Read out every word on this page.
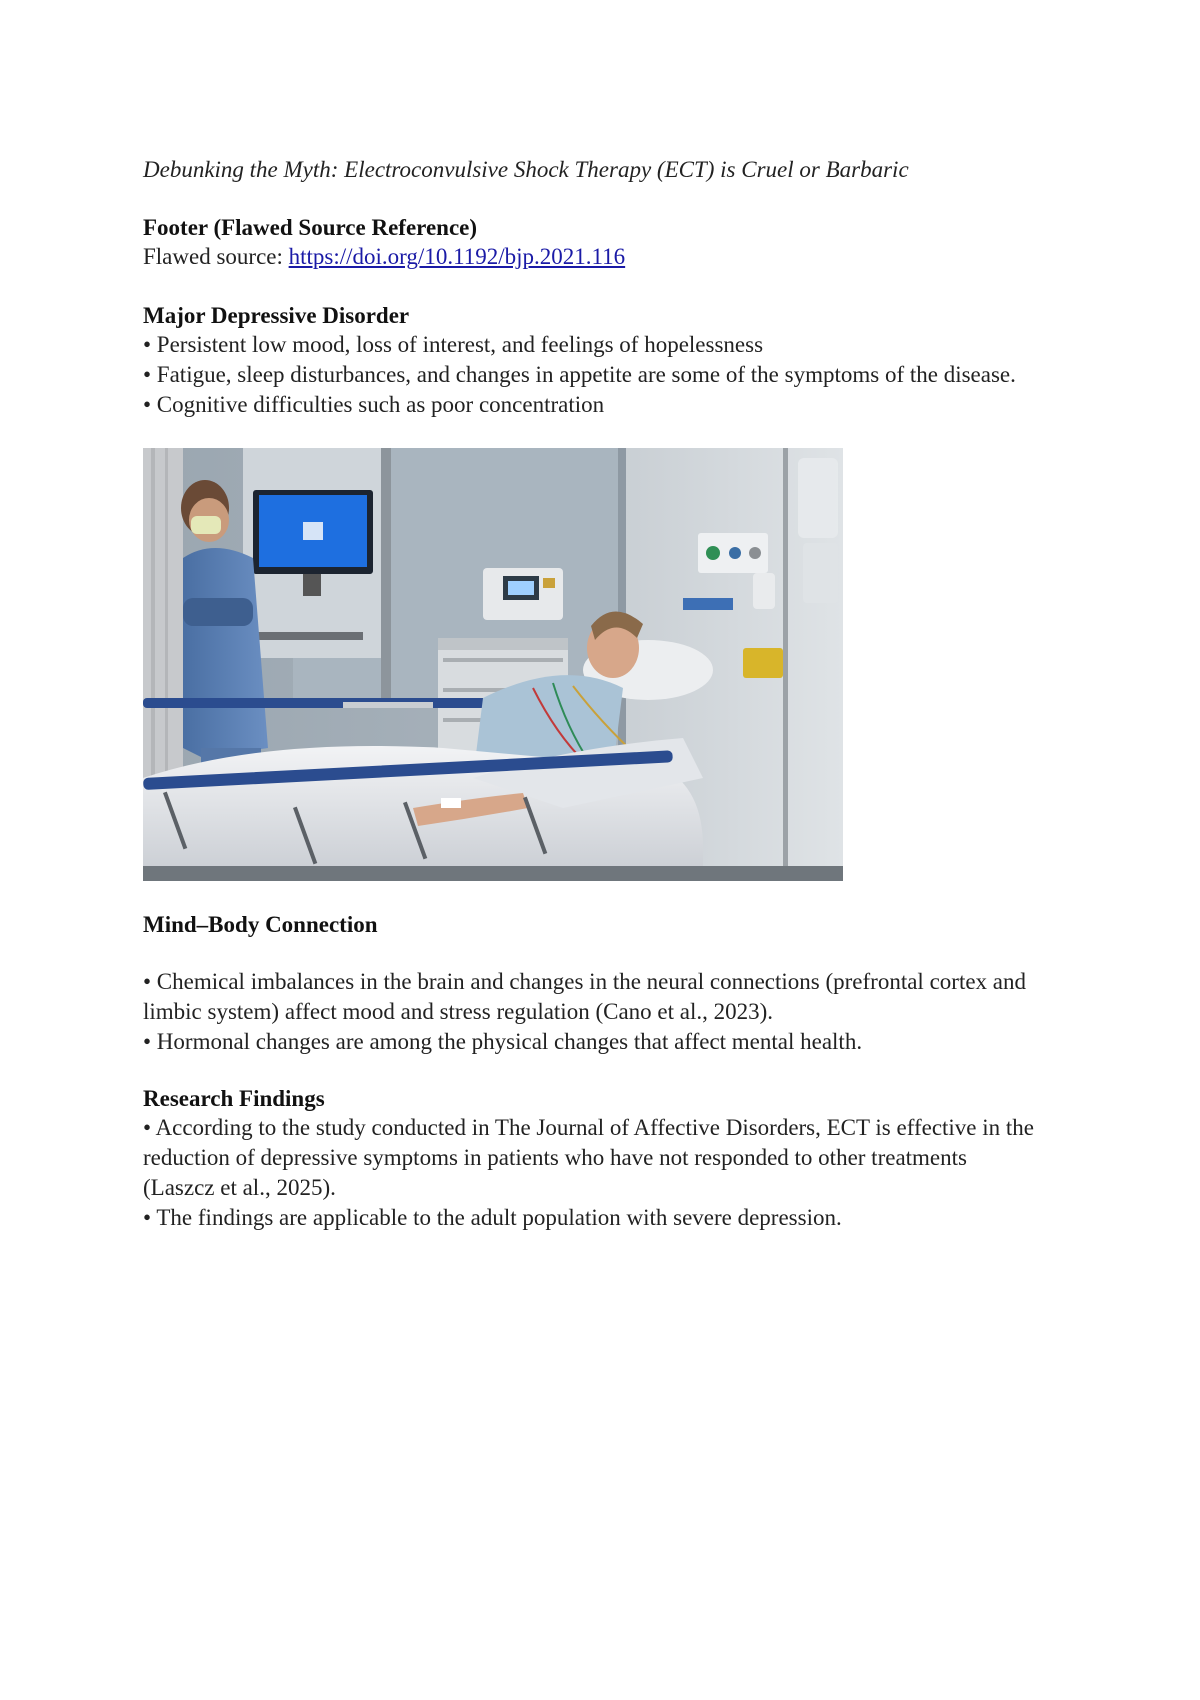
Debunking the Myth: Electroconvulsive Shock Therapy (ECT) is Cruel or Barbaric

Footer (Flawed Source Reference)

Flawed source: https://doi.org/10.1192/bjp.2021.116

Major Depressive Disorder

• Persistent low mood, loss of interest, and feelings of hopelessness

• Fatigue, sleep disturbances, and changes in appetite are some of the symptoms of the disease.

• Cognitive difficulties such as poor concentration

Mind–Body Connection

• Chemical imbalances in the brain and changes in the neural connections (prefrontal cortex and

limbic system) affect mood and stress regulation (Cano et al., 2023).

• Hormonal changes are among the physical changes that affect mental health.

Research Findings

• According to the study conducted in The Journal of Affective Disorders, ECT is effective in the

reduction of depressive symptoms in patients who have not responded to other treatments

(Laszcz et al., 2025).

• The findings are applicable to the adult population with severe depression.
